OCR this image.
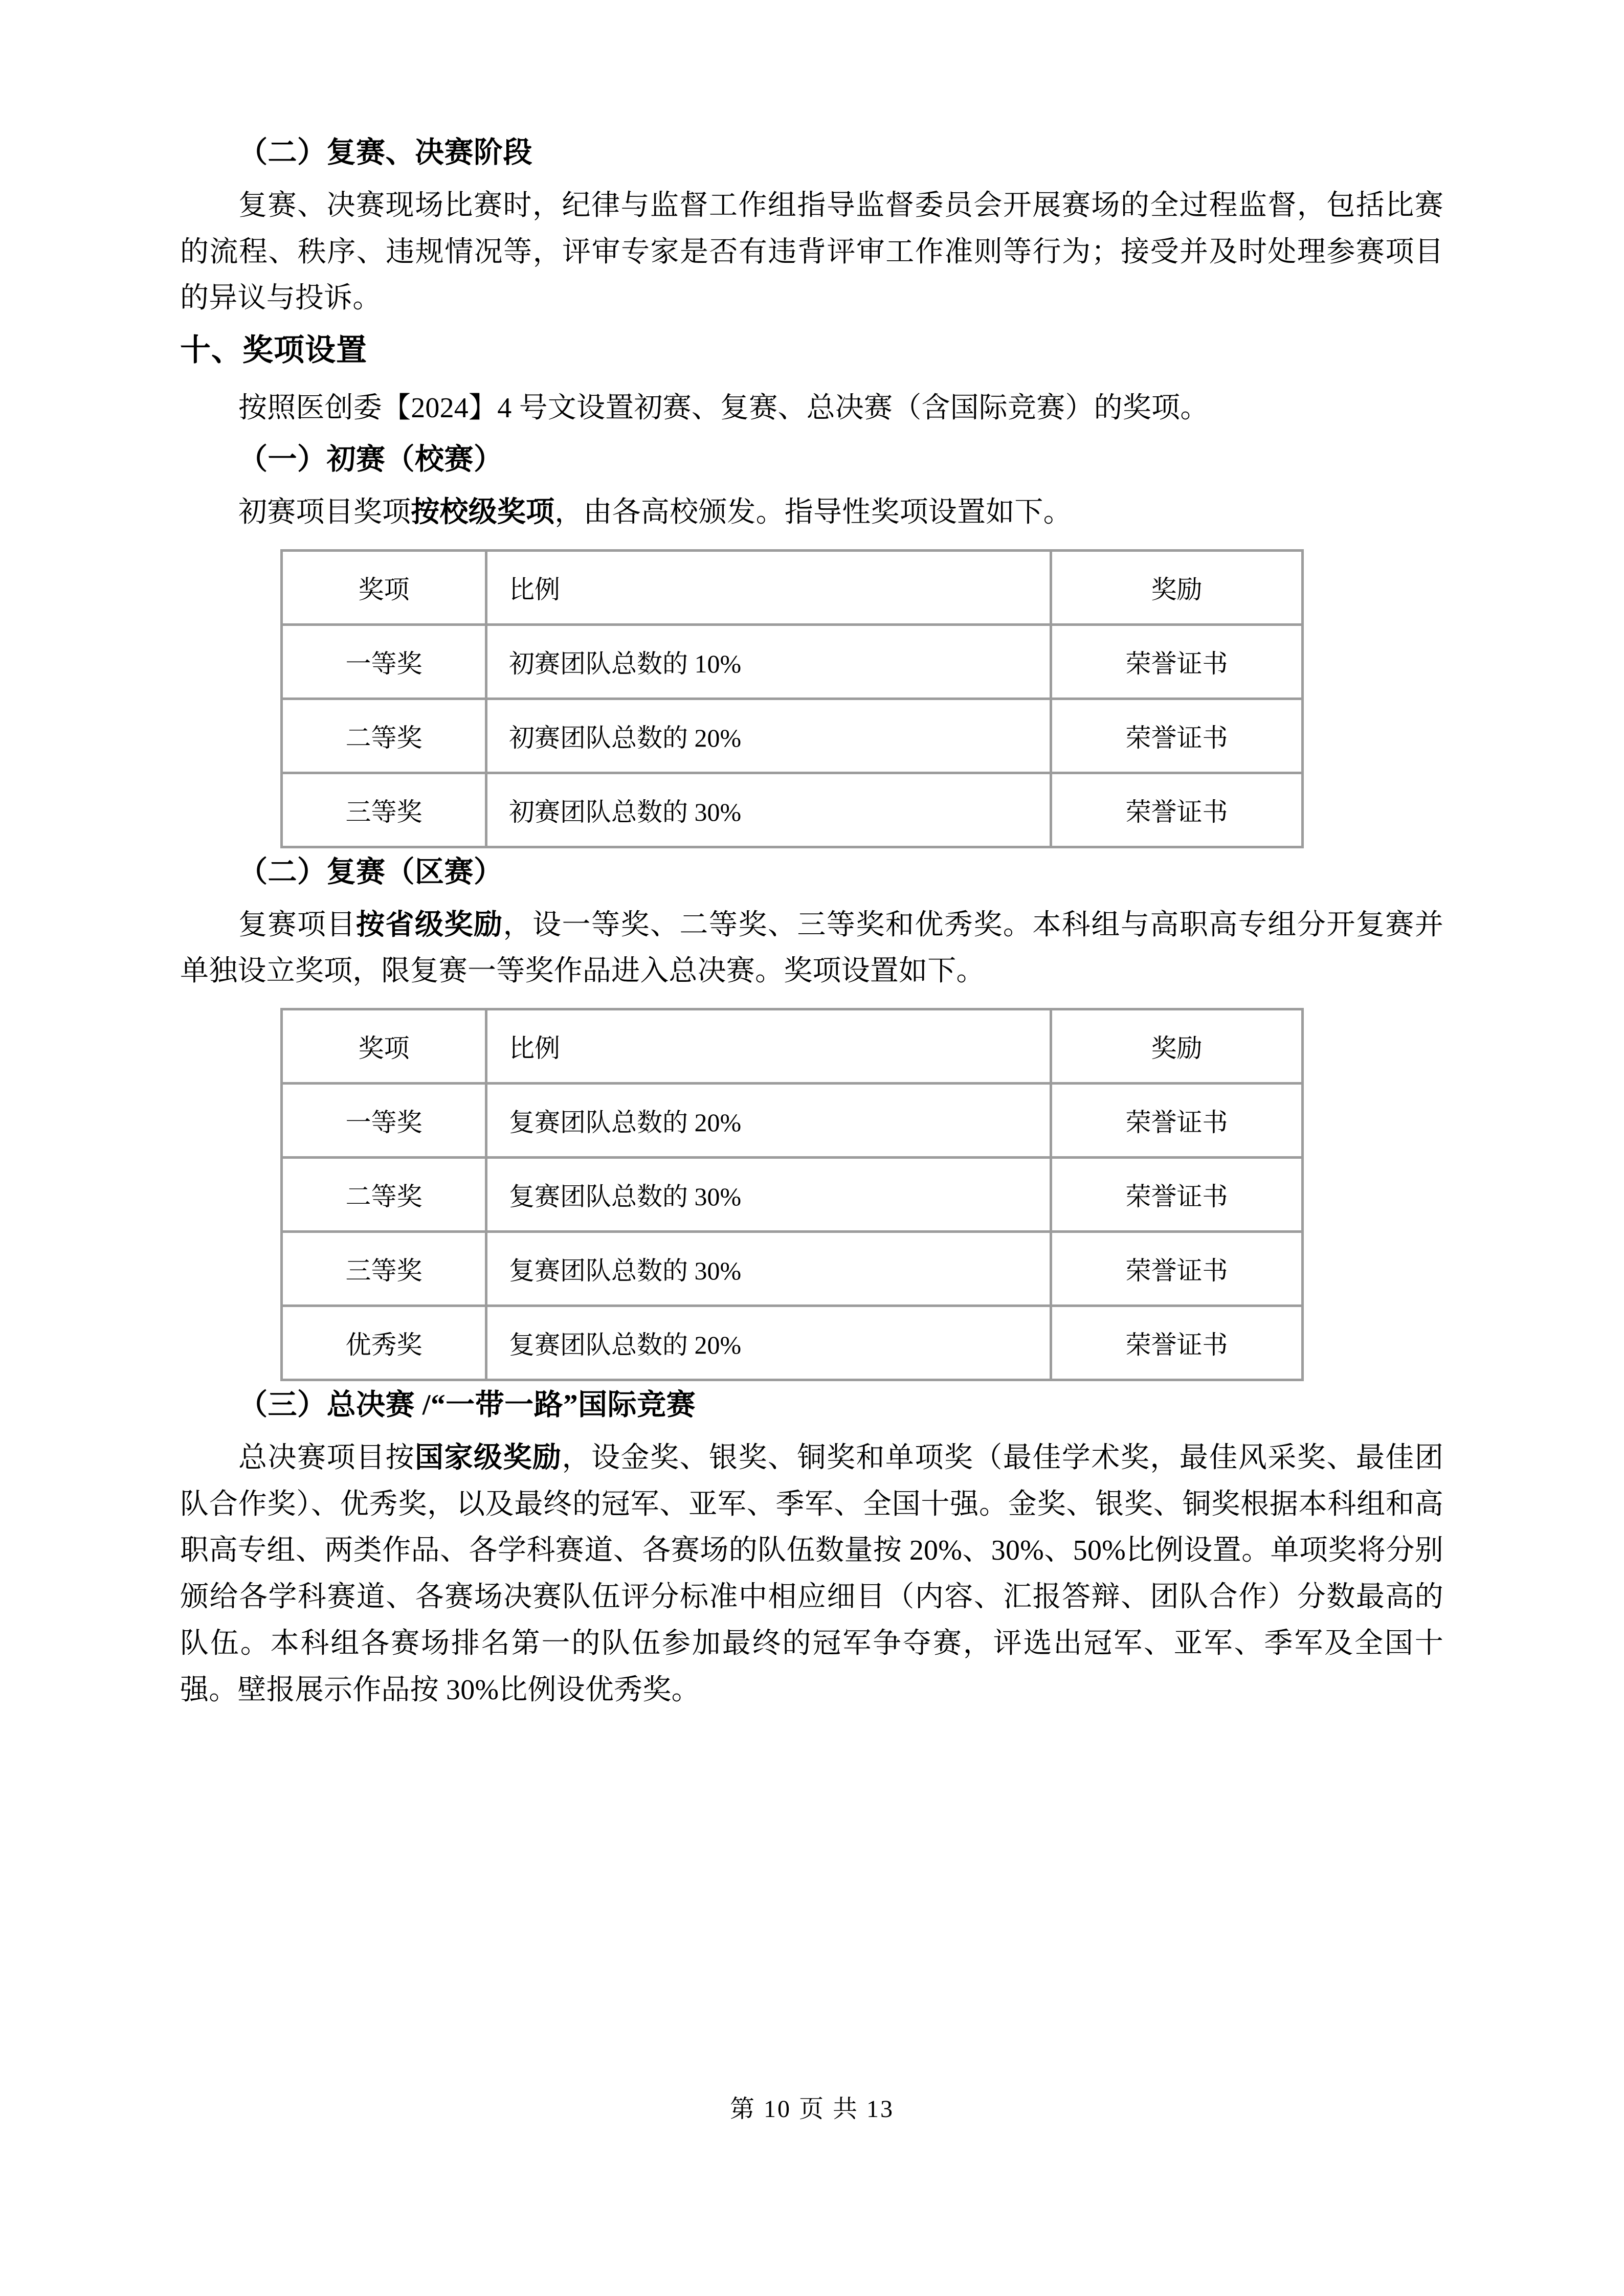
（二）复赛、决赛阶段

复赛、决赛现场比赛时，纪律与监督工作组指导监督委员会开展赛场的全过程监督，包括比赛的流程、秩序、违规情况等，评审专家是否有违背评审工作准则等行为；接受并及时处理参赛项目的异议与投诉。

十、奖项设置

按照医创委【2024】4 号文设置初赛、复赛、总决赛（含国际竞赛）的奖项。

（一）初赛（校赛）

初赛项目奖项按校级奖项，由各高校颁发。指导性奖项设置如下。

奖项	比例	奖励
一等奖	初赛团队总数的 10%	荣誉证书
二等奖	初赛团队总数的 20%	荣誉证书
三等奖	初赛团队总数的 30%	荣誉证书
（二）复赛（区赛）

复赛项目按省级奖励，设一等奖、二等奖、三等奖和优秀奖。本科组与高职高专组分开复赛并单独设立奖项，限复赛一等奖作品进入总决赛。奖项设置如下。

奖项	比例	奖励
一等奖	复赛团队总数的 20%	荣誉证书
二等奖	复赛团队总数的 30%	荣誉证书
三等奖	复赛团队总数的 30%	荣誉证书
优秀奖	复赛团队总数的 20%	荣誉证书
（三）总决赛 /“一带一路”国际竞赛

总决赛项目按国家级奖励，设金奖、银奖、铜奖和单项奖（最佳学术奖，最佳风采奖、最佳团队合作奖）、优秀奖，以及最终的冠军、亚军、季军、全国十强。金奖、银奖、铜奖根据本科组和高职高专组、两类作品、各学科赛道、各赛场的队伍数量按 20%、30%、50%比例设置。单项奖将分别颁给各学科赛道、各赛场决赛队伍评分标准中相应细目（内容、汇报答辩、团队合作）分数最高的队伍。本科组各赛场排名第一的队伍参加最终的冠军争夺赛，评选出冠军、亚军、季军及全国十强。壁报展示作品按 30%比例设优秀奖。

第 10 页 共 13
